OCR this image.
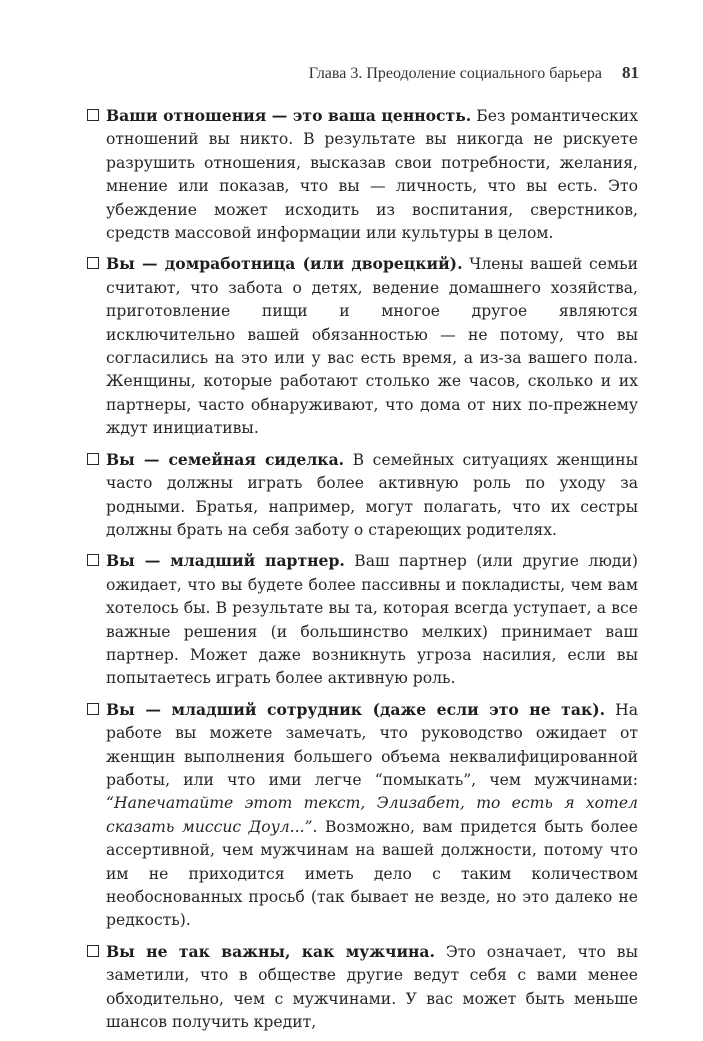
Глава 3. Преодоление социального барьера 81

Ваши отношения — это ваша ценность. Без романтических отношений вы никто. В результате вы никогда не рискуете разрушить отношения, высказав свои потребности, желания, мнение или показав, что вы — личность, что вы есть. Это убеждение может исходить из воспитания, сверстников, средств массовой информации или культуры в целом.

Вы — домработница (или дворецкий). Члены вашей семьи считают, что забота о детях, ведение домашнего хозяйства, приготовление пищи и многое другое являются исключительно вашей обязанностью — не потому, что вы согласились на это или у вас есть время, а из-за вашего пола. Женщины, которые работают столько же часов, сколько и их партнеры, часто обнаруживают, что дома от них по-прежнему ждут инициативы.

Вы — семейная сиделка. В семейных ситуациях женщины часто должны играть более активную роль по уходу за родными. Братья, например, могут полагать, что их сестры должны брать на себя заботу о стареющих родителях.

Вы — младший партнер. Ваш партнер (или другие люди) ожидает, что вы будете более пассивны и покладисты, чем вам хотелось бы. В результате вы та, которая всегда уступает, а все важные решения (и большинство мелких) принимает ваш партнер. Может даже возникнуть угроза насилия, если вы попытаетесь играть более активную роль.

Вы — младший сотрудник (даже если это не так). На работе вы можете замечать, что руководство ожидает от женщин выполнения большего объема неквалифицированной работы, или что ими легче “помыкать”, чем мужчинами: “Напечатайте этот текст, Элизабет, то есть я хотел сказать миссис Доул...”. Возможно, вам придется быть более ассертивной, чем мужчинам на вашей должности, потому что им не приходится иметь дело с таким количеством необоснованных просьб (так бывает не везде, но это далеко не редкость).

Вы не так важны, как мужчина. Это означает, что вы заметили, что в обществе другие ведут себя с вами менее обходительно, чем с мужчинами. У вас может быть меньше шансов получить кредит,
